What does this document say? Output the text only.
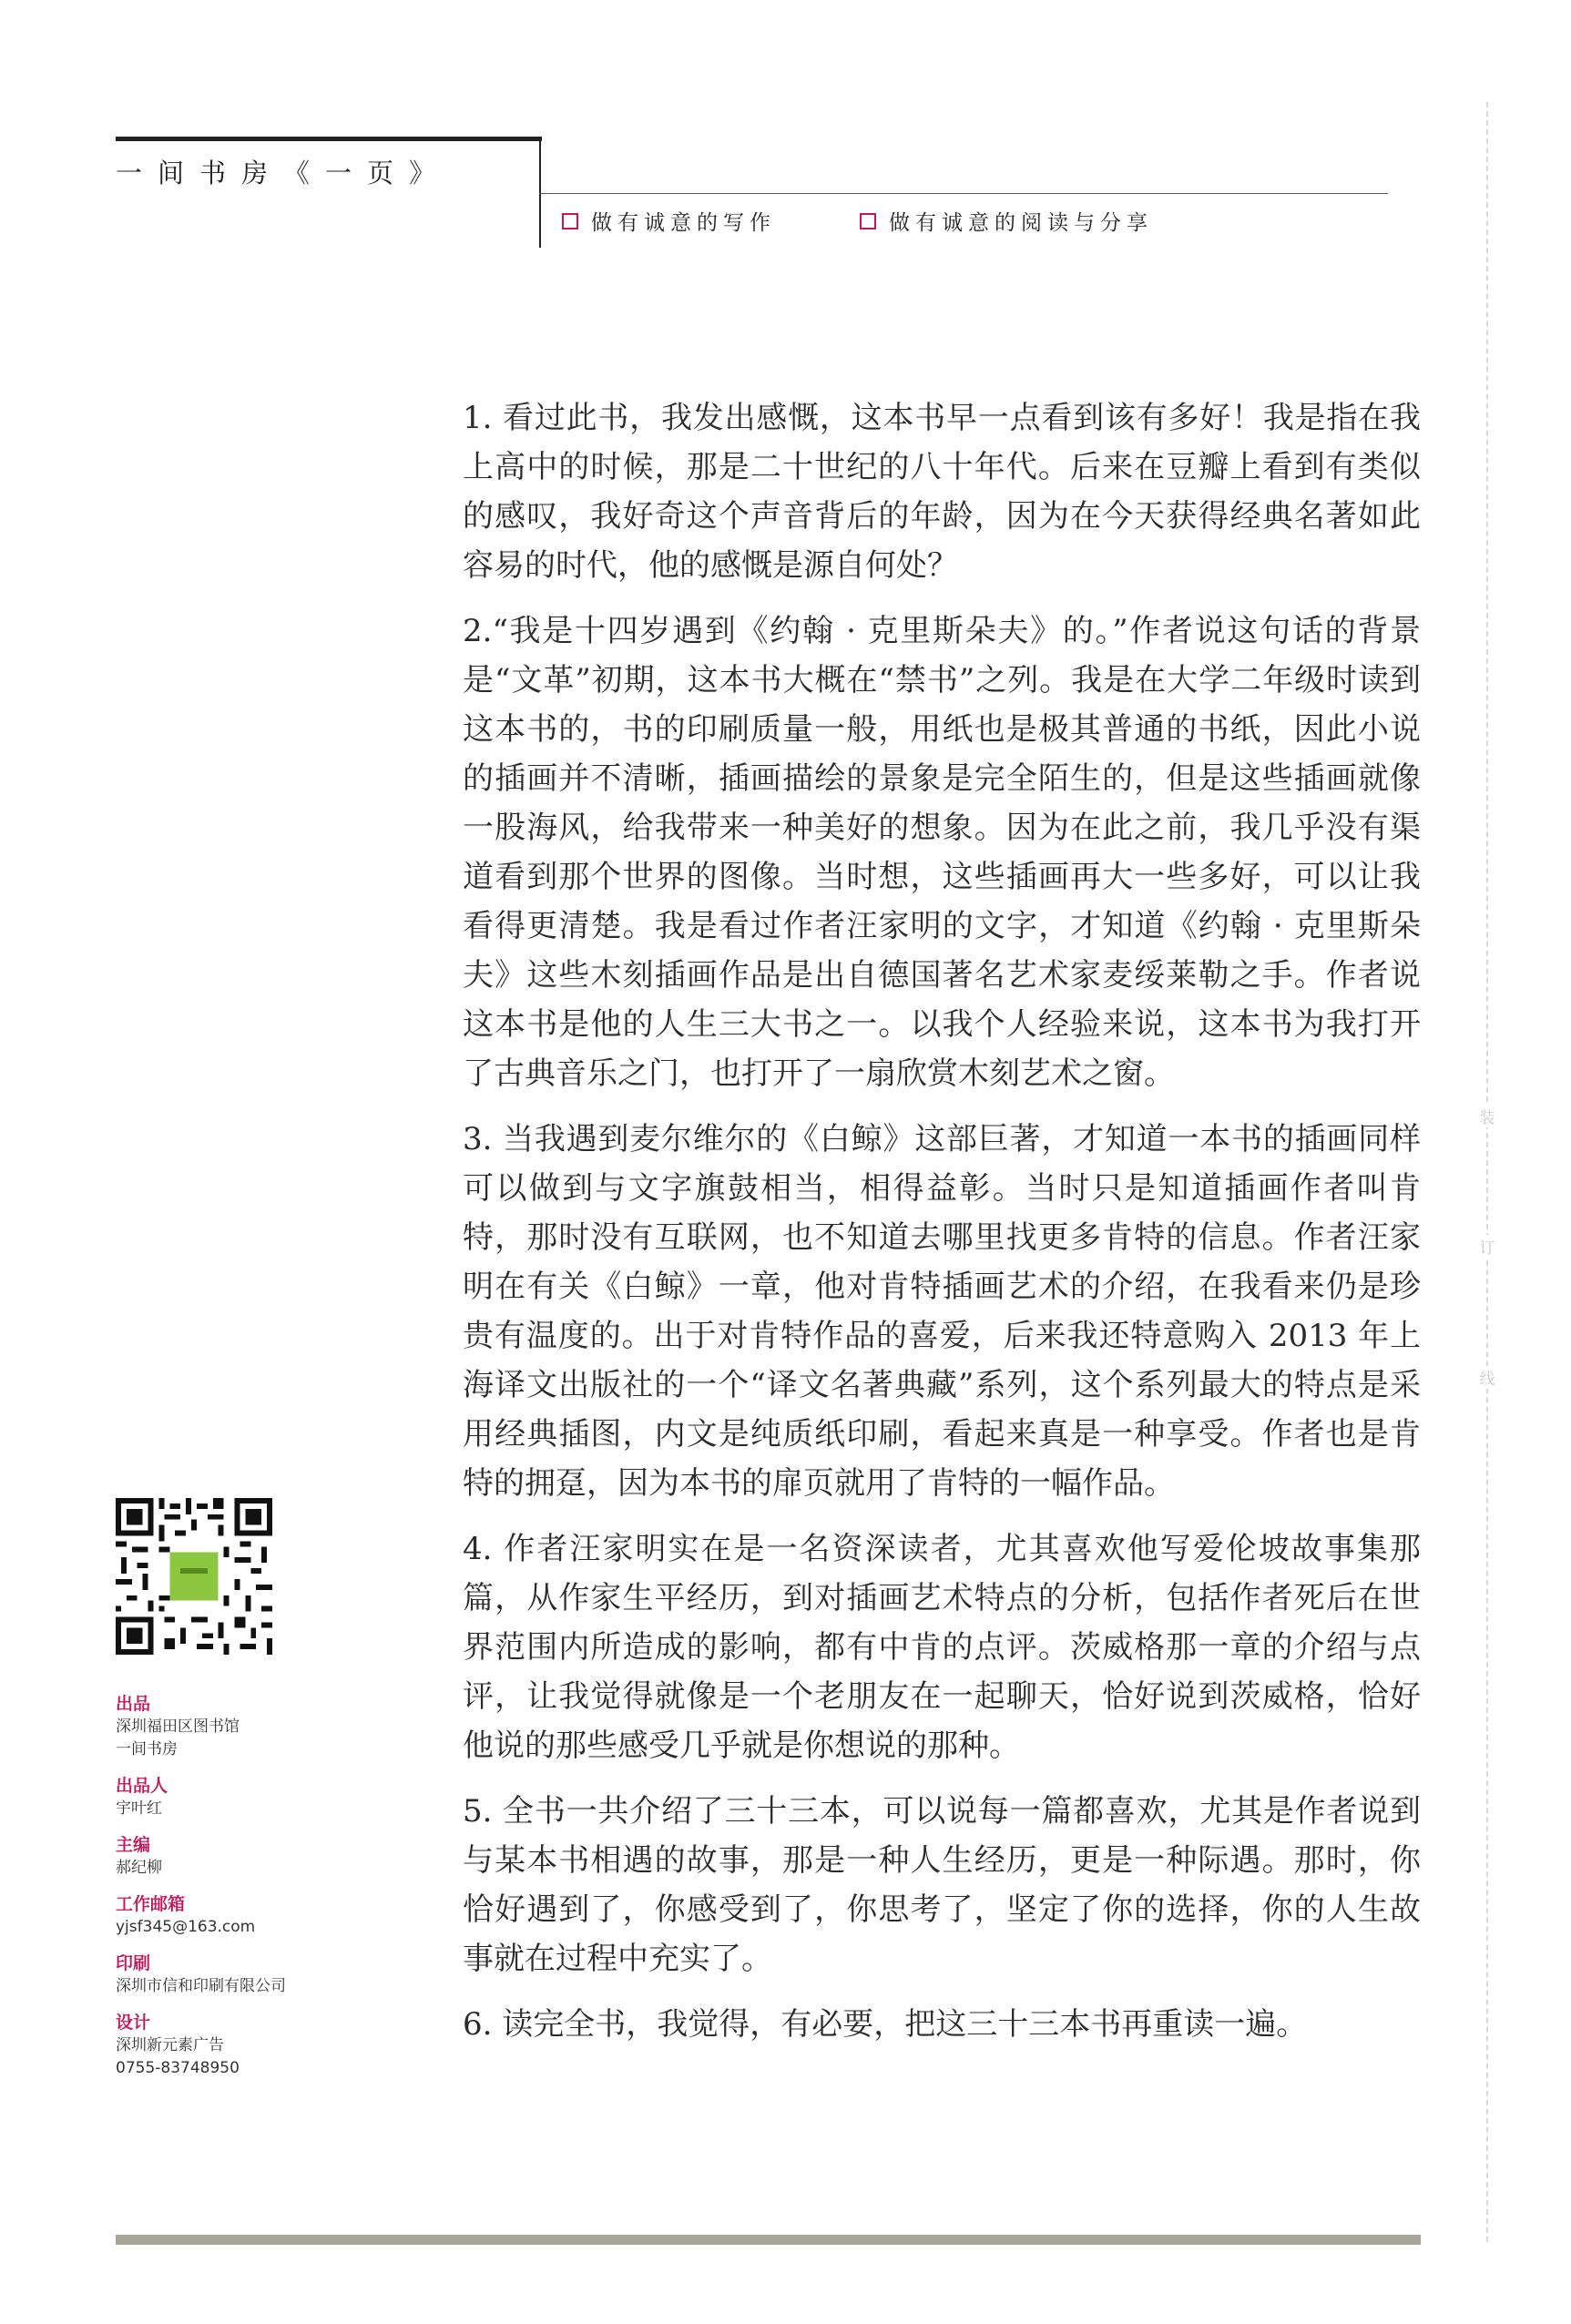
一间书房《一页》
做有诚意的写作	做有诚意的阅读与分享
装
订
线

1. 看过此书，我发出感慨，这本书早一点看到该有多好！我是指在我上高中的时候，那是二十世纪的八十年代。后来在豆瓣上看到有类似的感叹，我好奇这个声音背后的年龄，因为在今天获得经典名著如此容易的时代，他的感慨是源自何处？

2.“我是十四岁遇到《约翰 · 克里斯朵夫》的。”作者说这句话的背景是“文革”初期，这本书大概在“禁书”之列。我是在大学二年级时读到这本书的，书的印刷质量一般，用纸也是极其普通的书纸，因此小说的插画并不清晰，插画描绘的景象是完全陌生的，但是这些插画就像一股海风，给我带来一种美好的想象。因为在此之前，我几乎没有渠道看到那个世界的图像。当时想，这些插画再大一些多好，可以让我看得更清楚。我是看过作者汪家明的文字，才知道《约翰 · 克里斯朵夫》这些木刻插画作品是出自德国著名艺术家麦绥莱勒之手。作者说这本书是他的人生三大书之一。以我个人经验来说，这本书为我打开了古典音乐之门，也打开了一扇欣赏木刻艺术之窗。

3. 当我遇到麦尔维尔的《白鲸》这部巨著，才知道一本书的插画同样可以做到与文字旗鼓相当，相得益彰。当时只是知道插画作者叫肯特，那时没有互联网，也不知道去哪里找更多肯特的信息。作者汪家明在有关《白鲸》一章，他对肯特插画艺术的介绍，在我看来仍是珍贵有温度的。出于对肯特作品的喜爱，后来我还特意购入 2013 年上海译文出版社的一个“译文名著典藏”系列，这个系列最大的特点是采用经典插图，内文是纯质纸印刷，看起来真是一种享受。作者也是肯特的拥趸，因为本书的扉页就用了肯特的一幅作品。

4. 作者汪家明实在是一名资深读者，尤其喜欢他写爱伦坡故事集那篇，从作家生平经历，到对插画艺术特点的分析，包括作者死后在世界范围内所造成的影响，都有中肯的点评。茨威格那一章的介绍与点评，让我觉得就像是一个老朋友在一起聊天，恰好说到茨威格，恰好他说的那些感受几乎就是你想说的那种。

5. 全书一共介绍了三十三本，可以说每一篇都喜欢，尤其是作者说到与某本书相遇的故事，那是一种人生经历，更是一种际遇。那时，你恰好遇到了，你感受到了，你思考了，坚定了你的选择，你的人生故事就在过程中充实了。

6. 读完全书，我觉得，有必要，把这三十三本书再重读一遍。

出品
深圳福田区图书馆
一间书房
出品人
宇叶红
主编
郝纪柳
工作邮箱
yjsf345@163.com
印刷
深圳市信和印刷有限公司
设计
深圳新元素广告
0755-83748950
